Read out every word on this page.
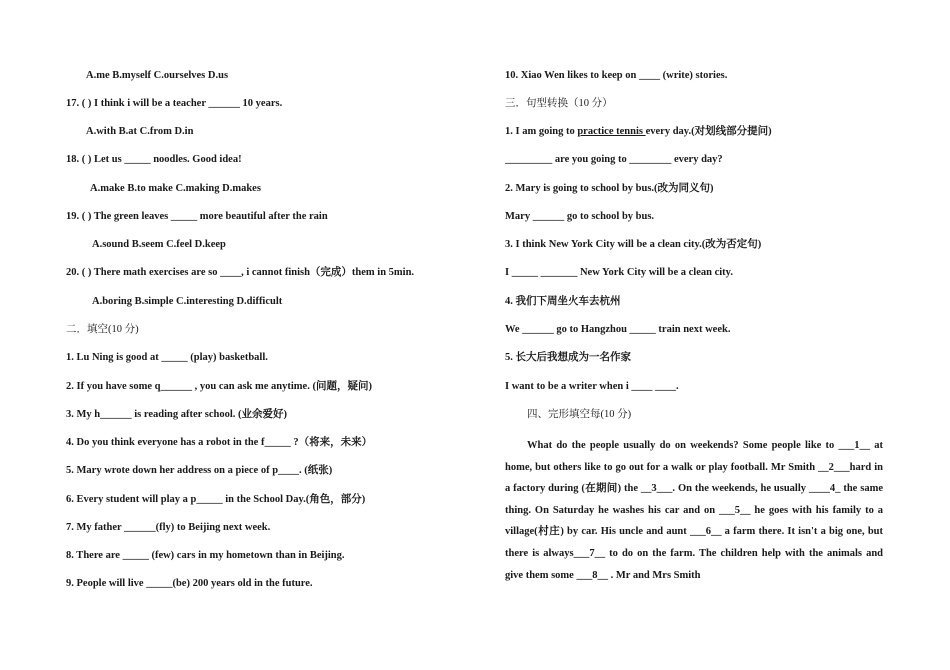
A.me B.myself C.ourselves D.us
17. ( ) I think i will be a teacher ______ 10 years.
A.with B.at C.from D.in
18. ( ) Let us _____ noodles. Good idea!
A.make B.to make C.making D.makes
19. ( ) The green leaves _____ more beautiful after the rain
A.sound B.seem C.feel D.keep
20. ( ) There math exercises are so ____, i cannot finish（完成）them in 5min.
A.boring B.simple C.interesting D.difficult
二．填空(10 分)
1. Lu Ning is good at _____ (play) basketball.
2. If you have some q______ , you can ask me anytime. (问题，疑问)
3. My h______ is reading after school. (业余爱好)
4. Do you think everyone has a robot in the f_____ ?（将来，未来）
5. Mary wrote down her address on a piece of p____. (纸张)
6. Every student will play a p_____ in the School Day.(角色，部分)
7. My father ______(fly) to Beijing next week.
8. There are _____ (few) cars in my hometown than in Beijing.
9. People will live _____(be) 200 years old in the future.
10. Xiao Wen likes to keep on ____ (write) stories.
三．句型转换（10 分）
1. I am going to practice tennis every day.(对划线部分提问)
_________ are you going to ________ every day?
2. Mary is going to school by bus.(改为同义句)
Mary ______ go to school by bus.
3. I think New York City will be a clean city.(改为否定句)
I _____ _______ New York City will be a clean city.
4. 我们下周坐火车去杭州
We ______ go to Hangzhou _____ train next week.
5. 长大后我想成为一名作家
I want to be a writer when i ____ ____.
四、完形填空每(10 分)
What do the people usually do on weekends? Some people like to ___1__ at home, but others like to go out for a walk or play football. Mr Smith __2___hard in a factory during (在期间) the __3___. On the weekends, he usually ____4_ the same thing. On Saturday he washes his car and on ___5__ he goes with his family to a village(村庄) by car. His uncle and aunt ___6__ a farm there. It isn't a big one, but there is always___7__ to do on the farm. The children help with the animals and give them some ___8__ . Mr and Mrs Smith
